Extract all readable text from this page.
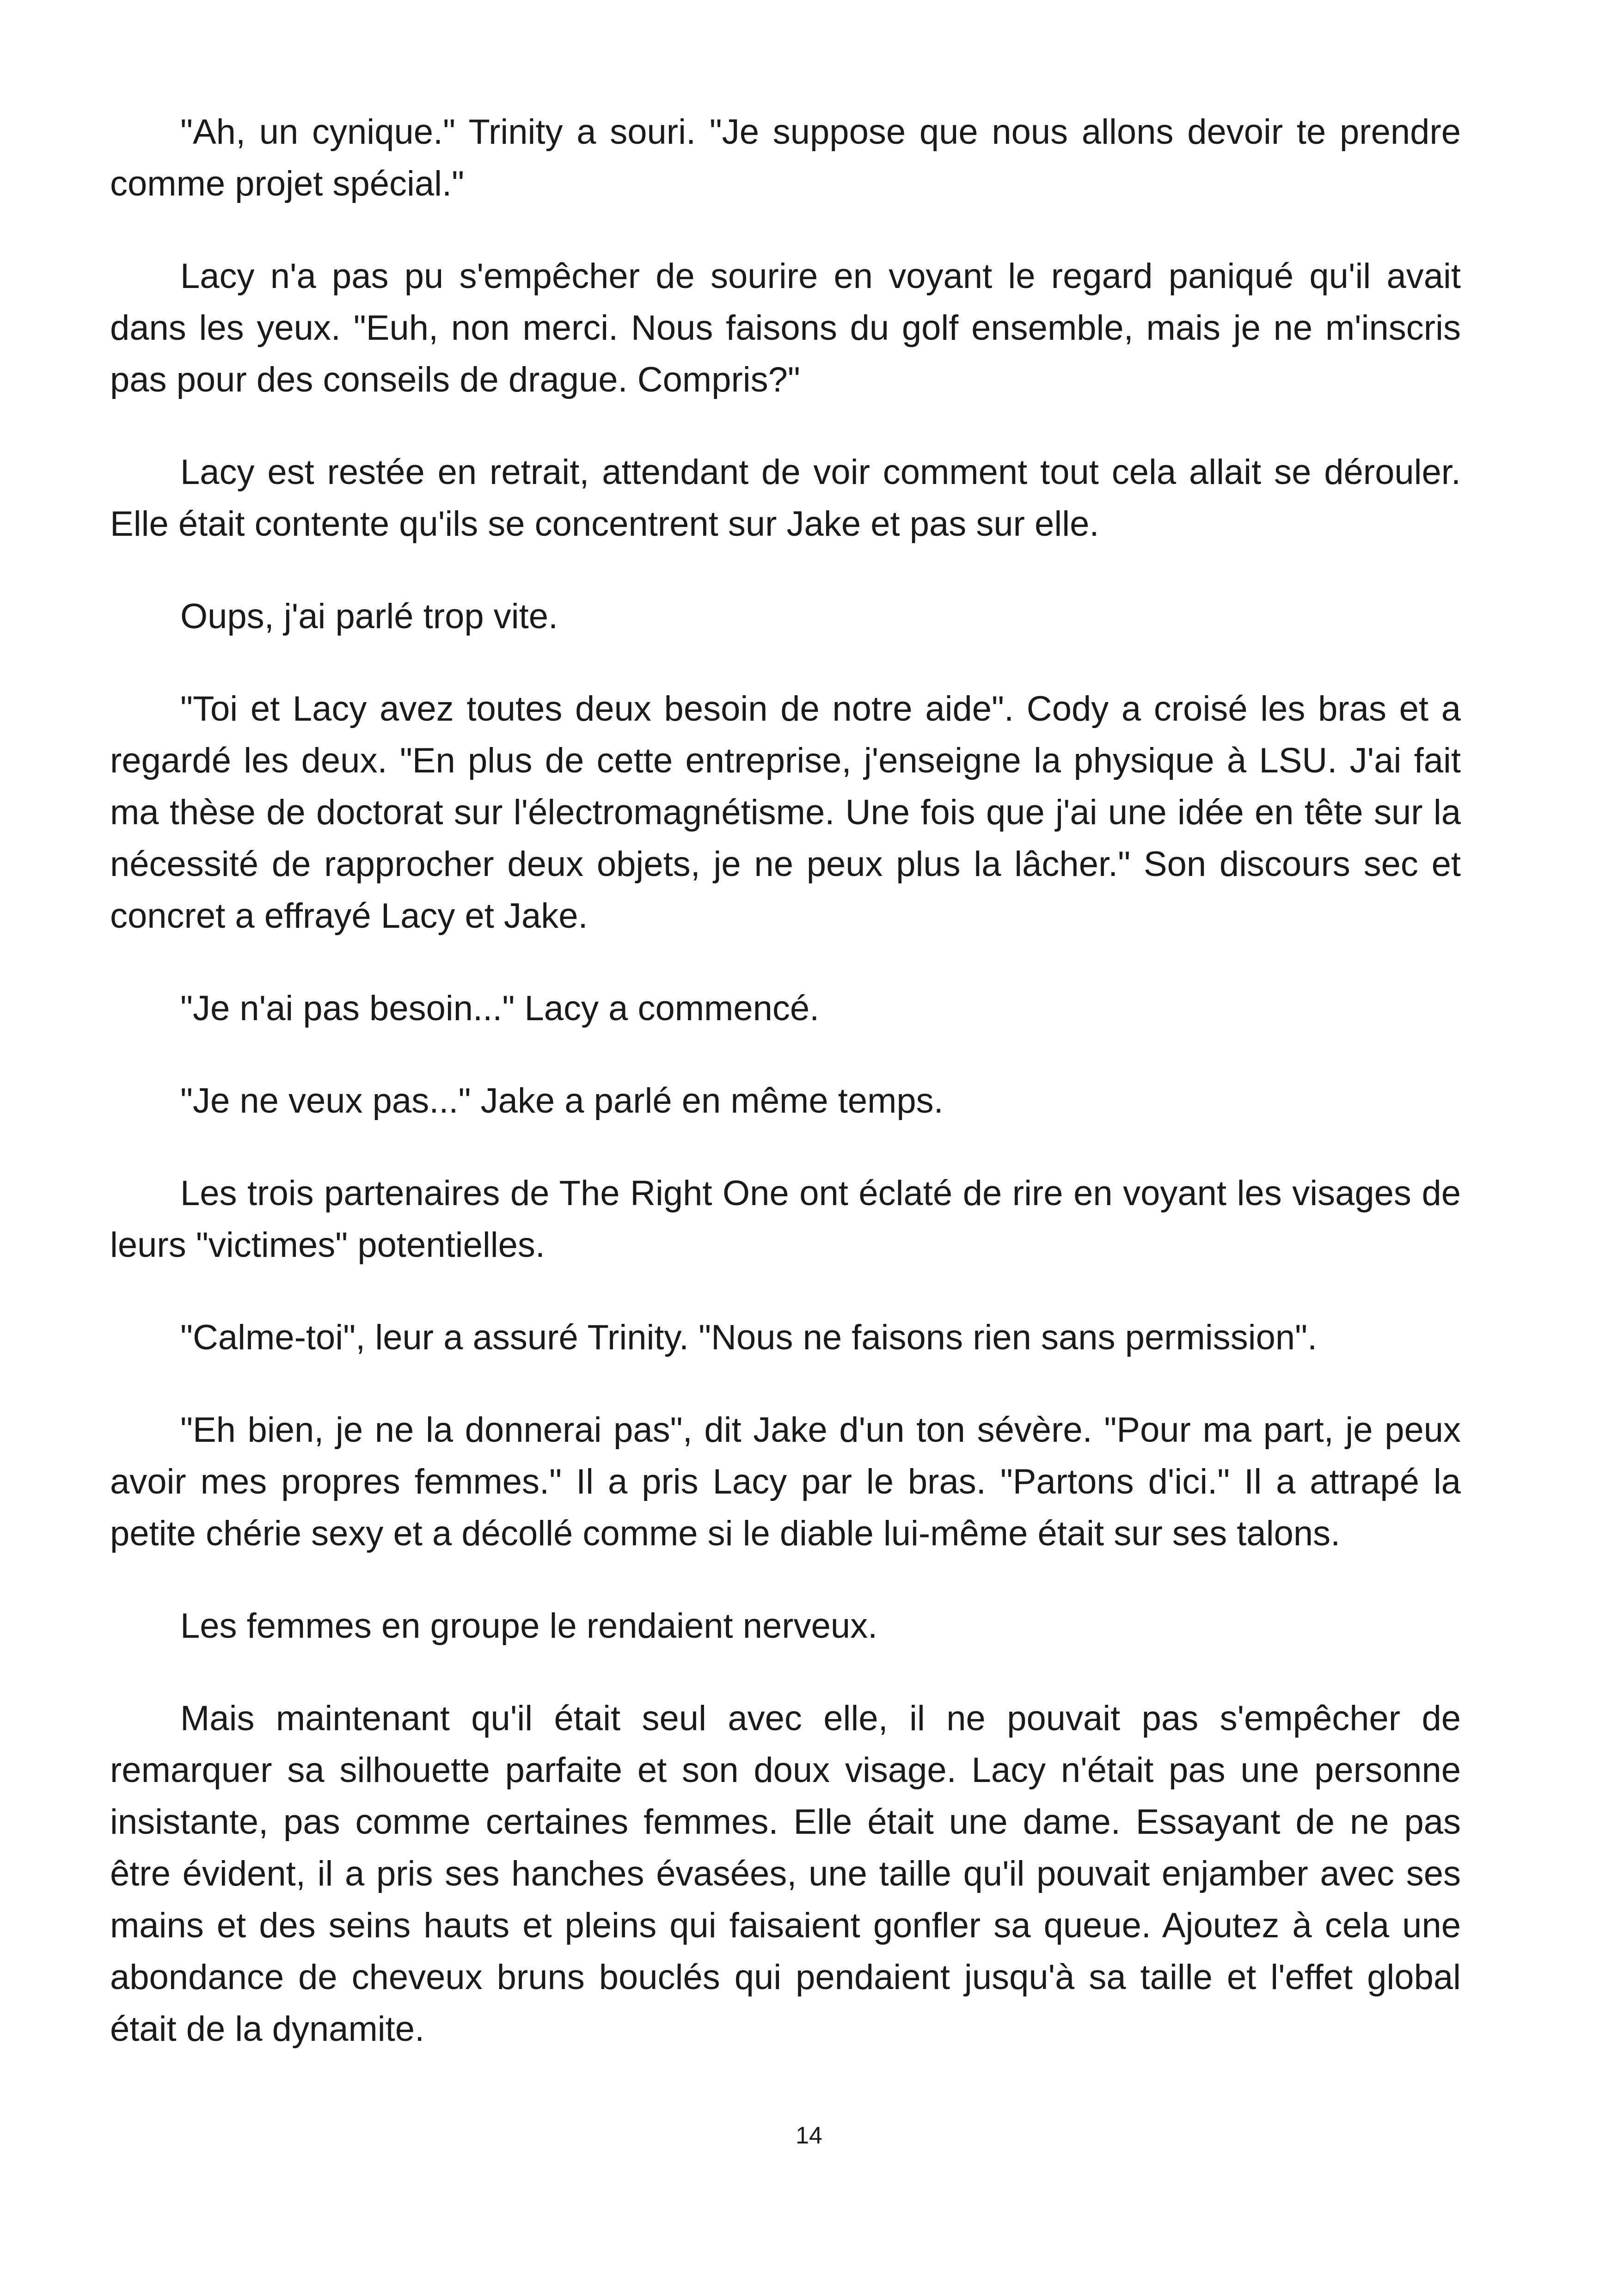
"Ah, un cynique." Trinity a souri. "Je suppose que nous allons devoir te prendre comme projet spécial."

Lacy n'a pas pu s'empêcher de sourire en voyant le regard paniqué qu'il avait dans les yeux. "Euh, non merci. Nous faisons du golf ensemble, mais je ne m'inscris pas pour des conseils de drague. Compris?"

Lacy est restée en retrait, attendant de voir comment tout cela allait se dérouler. Elle était contente qu'ils se concentrent sur Jake et pas sur elle.

Oups, j'ai parlé trop vite.

"Toi et Lacy avez toutes deux besoin de notre aide". Cody a croisé les bras et a regardé les deux. "En plus de cette entreprise, j'enseigne la physique à LSU. J'ai fait ma thèse de doctorat sur l'électromagnétisme. Une fois que j'ai une idée en tête sur la nécessité de rapprocher deux objets, je ne peux plus la lâcher." Son discours sec et concret a effrayé Lacy et Jake.

"Je n'ai pas besoin..." Lacy a commencé.

"Je ne veux pas..." Jake a parlé en même temps.

Les trois partenaires de The Right One ont éclaté de rire en voyant les visages de leurs "victimes" potentielles.

"Calme-toi", leur a assuré Trinity. "Nous ne faisons rien sans permission".

"Eh bien, je ne la donnerai pas", dit Jake d'un ton sévère. "Pour ma part, je peux avoir mes propres femmes." Il a pris Lacy par le bras. "Partons d'ici." Il a attrapé la petite chérie sexy et a décollé comme si le diable lui-même était sur ses talons.

Les femmes en groupe le rendaient nerveux.

Mais maintenant qu'il était seul avec elle, il ne pouvait pas s'empêcher de remarquer sa silhouette parfaite et son doux visage. Lacy n'était pas une personne insistante, pas comme certaines femmes. Elle était une dame. Essayant de ne pas être évident, il a pris ses hanches évasées, une taille qu'il pouvait enjamber avec ses mains et des seins hauts et pleins qui faisaient gonfler sa queue. Ajoutez à cela une abondance de cheveux bruns bouclés qui pendaient jusqu'à sa taille et l'effet global était de la dynamite.

14
